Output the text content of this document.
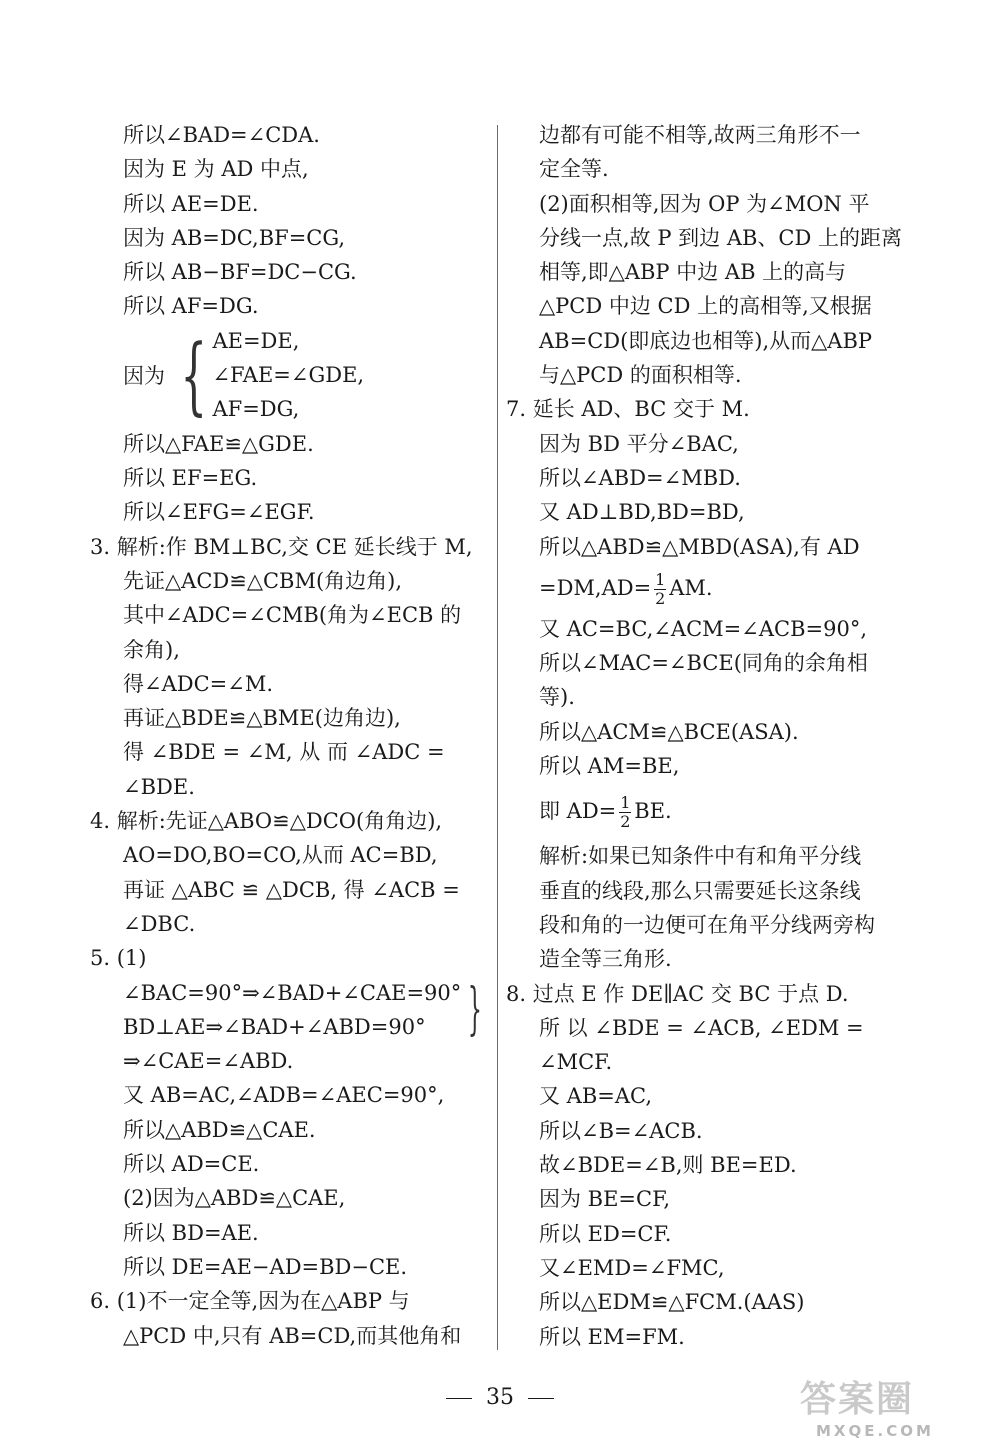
所以∠BAD=∠CDA.
因为 E 为 AD 中点,
所以 AE=DE.
因为 AB=DC,BF=CG,
所以 AB−BF=DC−CG.
所以 AF=DG.
因为 { AE=DE,
∠FAE=∠GDE,
AF=DG,
所以△FAE≌△GDE.
所以 EF=EG.
所以∠EFG=∠EGF.
3. 解析:作 BM⊥BC,交 CE 延长线于 M,
先证△ACD≌△CBM(角边角),
其中∠ADC=∠CMB(角为∠ECB 的
余角),
得∠ADC=∠M.
再证△BDE≌△BME(边角边),
得 ∠BDE = ∠M, 从 而 ∠ADC =
∠BDE.
4. 解析:先证△ABO≌△DCO(角角边),
AO=DO,BO=CO,从而 AC=BD,
再证 △ABC ≌ △DCB, 得 ∠ACB =
∠DBC.
5. (1)
∠BAC=90°⇒∠BAD+∠CAE=90°
BD⊥AE⇒∠BAD+∠ABD=90° }
⇒∠CAE=∠ABD.
又 AB=AC,∠ADB=∠AEC=90°,
所以△ABD≌△CAE.
所以 AD=CE.
(2)因为△ABD≌△CAE,
所以 BD=AE.
所以 DE=AE−AD=BD−CE.
6. (1)不一定全等,因为在△ABP 与
△PCD 中,只有 AB=CD,而其他角和
边都有可能不相等,故两三角形不一
定全等.
(2)面积相等,因为 OP 为∠MON 平
分线一点,故 P 到边 AB、CD 上的距离
相等,即△ABP 中边 AB 上的高与
△PCD 中边 CD 上的高相等,又根据
AB=CD(即底边也相等),从而△ABP
与△PCD 的面积相等.
7. 延长 AD、BC 交于 M.
因为 BD 平分∠BAC,
所以∠ABD=∠MBD.
又 AD⊥BD,BD=BD,
所以△ABD≌△MBD(ASA),有 AD
$=DM,AD= \frac{1}{2}$ AM.
又 AC=BC,∠ACM=∠ACB=90°,
所以∠MAC=∠BCE(同角的余角相
等).
所以△ACM≌△BCE(ASA).
所以 AM=BE,
即 $AD= \frac{1}{2}$ BE.
解析:如果已知条件中有和角平分线
垂直的线段,那么只需要延长这条线
段和角的一边便可在角平分线两旁构
造全等三角形.
8. 过点 E 作 DE∥AC 交 BC 于点 D.
所 以 ∠BDE = ∠ACB, ∠EDM =
∠MCF.
又 AB=AC,
所以∠B=∠ACB.
故∠BDE=∠B,则 BE=ED.
因为 BE=CF,
所以 ED=CF.
又∠EMD=∠FMC,
所以△EDM≌△FCM.(AAS)
所以 EM=FM.
35	答案圈
MXQE.COM
